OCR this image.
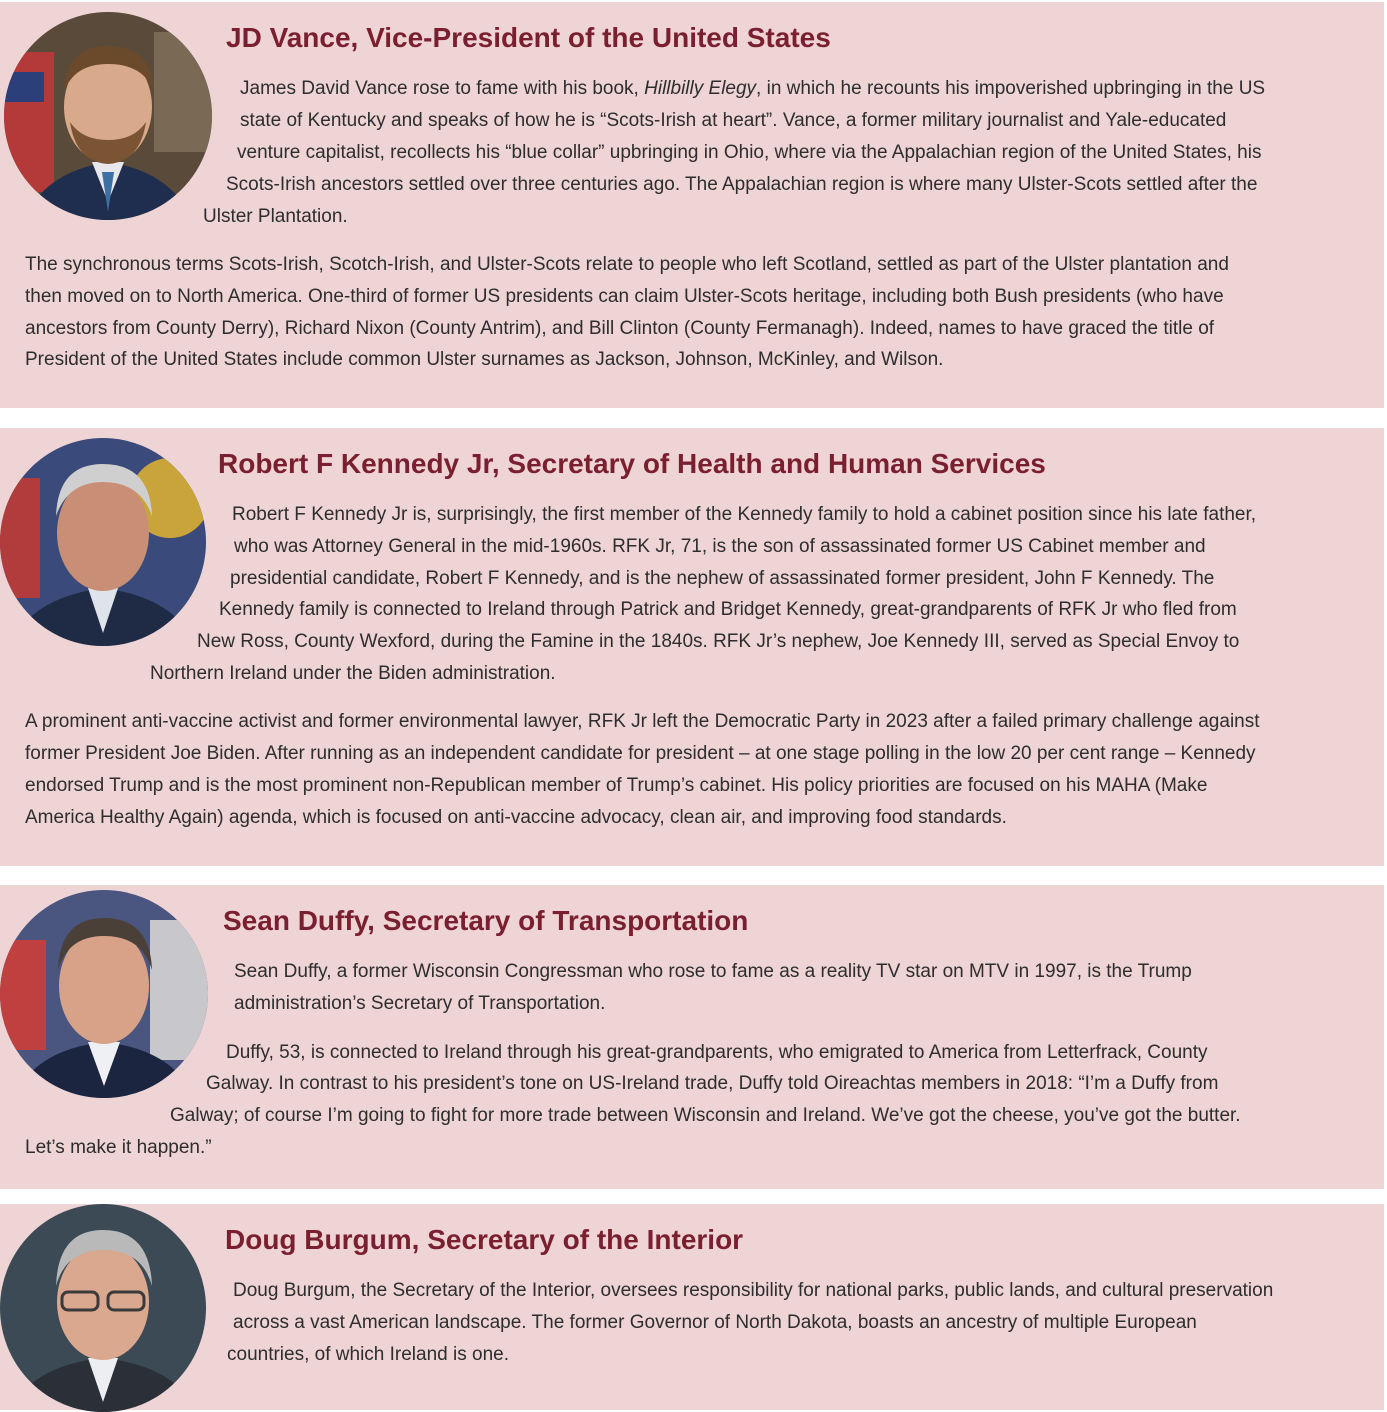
JD Vance, Vice-President of the United States
James David Vance rose to fame with his book, Hillbilly Elegy, in which he recounts his impoverished upbringing in the US
state of Kentucky and speaks of how he is “Scots-Irish at heart”. Vance, a former military journalist and Yale-educated
venture capitalist, recollects his “blue collar” upbringing in Ohio, where via the Appalachian region of the United States, his
Scots-Irish ancestors settled over three centuries ago. The Appalachian region is where many Ulster-Scots settled after the
Ulster Plantation.
The synchronous terms Scots-Irish, Scotch-Irish, and Ulster-Scots relate to people who left Scotland, settled as part of the Ulster plantation and
then moved on to North America. One-third of former US presidents can claim Ulster-Scots heritage, including both Bush presidents (who have
ancestors from County Derry), Richard Nixon (County Antrim), and Bill Clinton (County Fermanagh). Indeed, names to have graced the title of
President of the United States include common Ulster surnames as Jackson, Johnson, McKinley, and Wilson.
Robert F Kennedy Jr, Secretary of Health and Human Services
Robert F Kennedy Jr is, surprisingly, the first member of the Kennedy family to hold a cabinet position since his late father,
who was Attorney General in the mid-1960s. RFK Jr, 71, is the son of assassinated former US Cabinet member and
presidential candidate, Robert F Kennedy, and is the nephew of assassinated former president, John F Kennedy. The
Kennedy family is connected to Ireland through Patrick and Bridget Kennedy, great-grandparents of RFK Jr who fled from
New Ross, County Wexford, during the Famine in the 1840s. RFK Jr’s nephew, Joe Kennedy III, served as Special Envoy to
Northern Ireland under the Biden administration.
A prominent anti-vaccine activist and former environmental lawyer, RFK Jr left the Democratic Party in 2023 after a failed primary challenge against
former President Joe Biden. After running as an independent candidate for president – at one stage polling in the low 20 per cent range – Kennedy
endorsed Trump and is the most prominent non-Republican member of Trump’s cabinet. His policy priorities are focused on his MAHA (Make
America Healthy Again) agenda, which is focused on anti-vaccine advocacy, clean air, and improving food standards.
Sean Duffy, Secretary of Transportation
Sean Duffy, a former Wisconsin Congressman who rose to fame as a reality TV star on MTV in 1997, is the Trump
administration’s Secretary of Transportation.
Duffy, 53, is connected to Ireland through his great-grandparents, who emigrated to America from Letterfrack, County
Galway. In contrast to his president’s tone on US-Ireland trade, Duffy told Oireachtas members in 2018: “I’m a Duffy from
Galway; of course I’m going to fight for more trade between Wisconsin and Ireland. We’ve got the cheese, you’ve got the butter.
Let’s make it happen.”
Doug Burgum, Secretary of the Interior
Doug Burgum, the Secretary of the Interior, oversees responsibility for national parks, public lands, and cultural preservation
across a vast American landscape. The former Governor of North Dakota, boasts an ancestry of multiple European
countries, of which Ireland is one.
